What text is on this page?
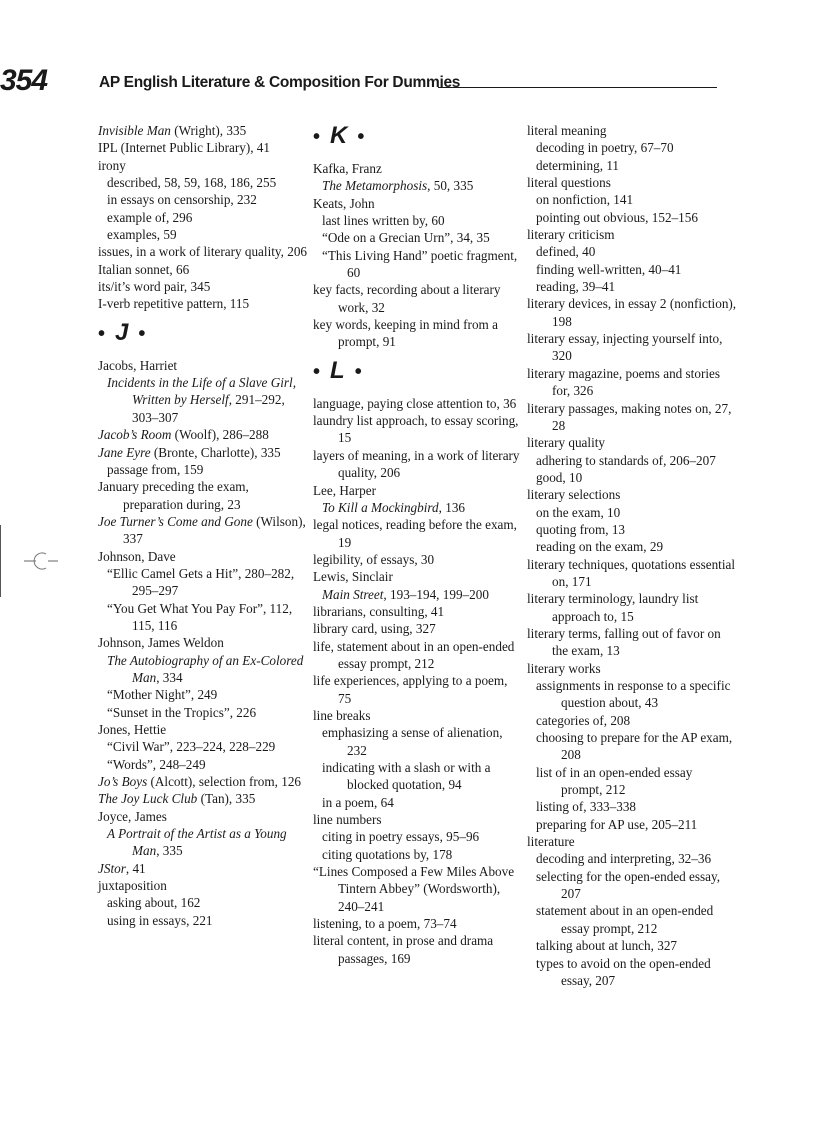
354	AP English Literature & Composition For Dummies
Invisible Man (Wright), 335
IPL (Internet Public Library), 41
irony
described, 58, 59, 168, 186, 255
in essays on censorship, 232
example of, 296
examples, 59
issues, in a work of literary quality, 206
Italian sonnet, 66
its/it’s word pair, 345
I-verb repetitive pattern, 115
• J •
Jacobs, Harriet
Incidents in the Life of a Slave Girl, Written by Herself, 291–292, 303–307
Jacob’s Room (Woolf), 286–288
Jane Eyre (Bronte, Charlotte), 335
passage from, 159
January preceding the exam, preparation during, 23
Joe Turner’s Come and Gone (Wilson), 337
Johnson, Dave
“Ellic Camel Gets a Hit”, 280–282, 295–297
“You Get What You Pay For”, 112, 115, 116
Johnson, James Weldon
The Autobiography of an Ex-Colored Man, 334
“Mother Night”, 249
“Sunset in the Tropics”, 226
Jones, Hettie
“Civil War”, 223–224, 228–229
“Words”, 248–249
Jo’s Boys (Alcott), selection from, 126
The Joy Luck Club (Tan), 335
Joyce, James
A Portrait of the Artist as a Young Man, 335
JStor, 41
juxtaposition
asking about, 162
using in essays, 221
• K •
Kafka, Franz
The Metamorphosis, 50, 335
Keats, John
last lines written by, 60
“Ode on a Grecian Urn”, 34, 35
“This Living Hand” poetic fragment, 60
key facts, recording about a literary work, 32
key words, keeping in mind from a prompt, 91
• L •
language, paying close attention to, 36
laundry list approach, to essay scoring, 15
layers of meaning, in a work of literary quality, 206
Lee, Harper
To Kill a Mockingbird, 136
legal notices, reading before the exam, 19
legibility, of essays, 30
Lewis, Sinclair
Main Street, 193–194, 199–200
librarians, consulting, 41
library card, using, 327
life, statement about in an open-ended essay prompt, 212
life experiences, applying to a poem, 75
line breaks
emphasizing a sense of alienation, 232
indicating with a slash or with a blocked quotation, 94
in a poem, 64
line numbers
citing in poetry essays, 95–96
citing quotations by, 178
“Lines Composed a Few Miles Above Tintern Abbey” (Wordsworth), 240–241
listening, to a poem, 73–74
literal content, in prose and drama passages, 169
literal meaning
decoding in poetry, 67–70
determining, 11
literal questions
on nonfiction, 141
pointing out obvious, 152–156
literary criticism
defined, 40
finding well-written, 40–41
reading, 39–41
literary devices, in essay 2 (nonfiction), 198
literary essay, injecting yourself into, 320
literary magazine, poems and stories for, 326
literary passages, making notes on, 27, 28
literary quality
adhering to standards of, 206–207
good, 10
literary selections
on the exam, 10
quoting from, 13
reading on the exam, 29
literary techniques, quotations essential on, 171
literary terminology, laundry list approach to, 15
literary terms, falling out of favor on the exam, 13
literary works
assignments in response to a specific question about, 43
categories of, 208
choosing to prepare for the AP exam, 208
list of in an open-ended essay prompt, 212
listing of, 333–338
preparing for AP use, 205–211
literature
decoding and interpreting, 32–36
selecting for the open-ended essay, 207
statement about in an open-ended essay prompt, 212
talking about at lunch, 327
types to avoid on the open-ended essay, 207
